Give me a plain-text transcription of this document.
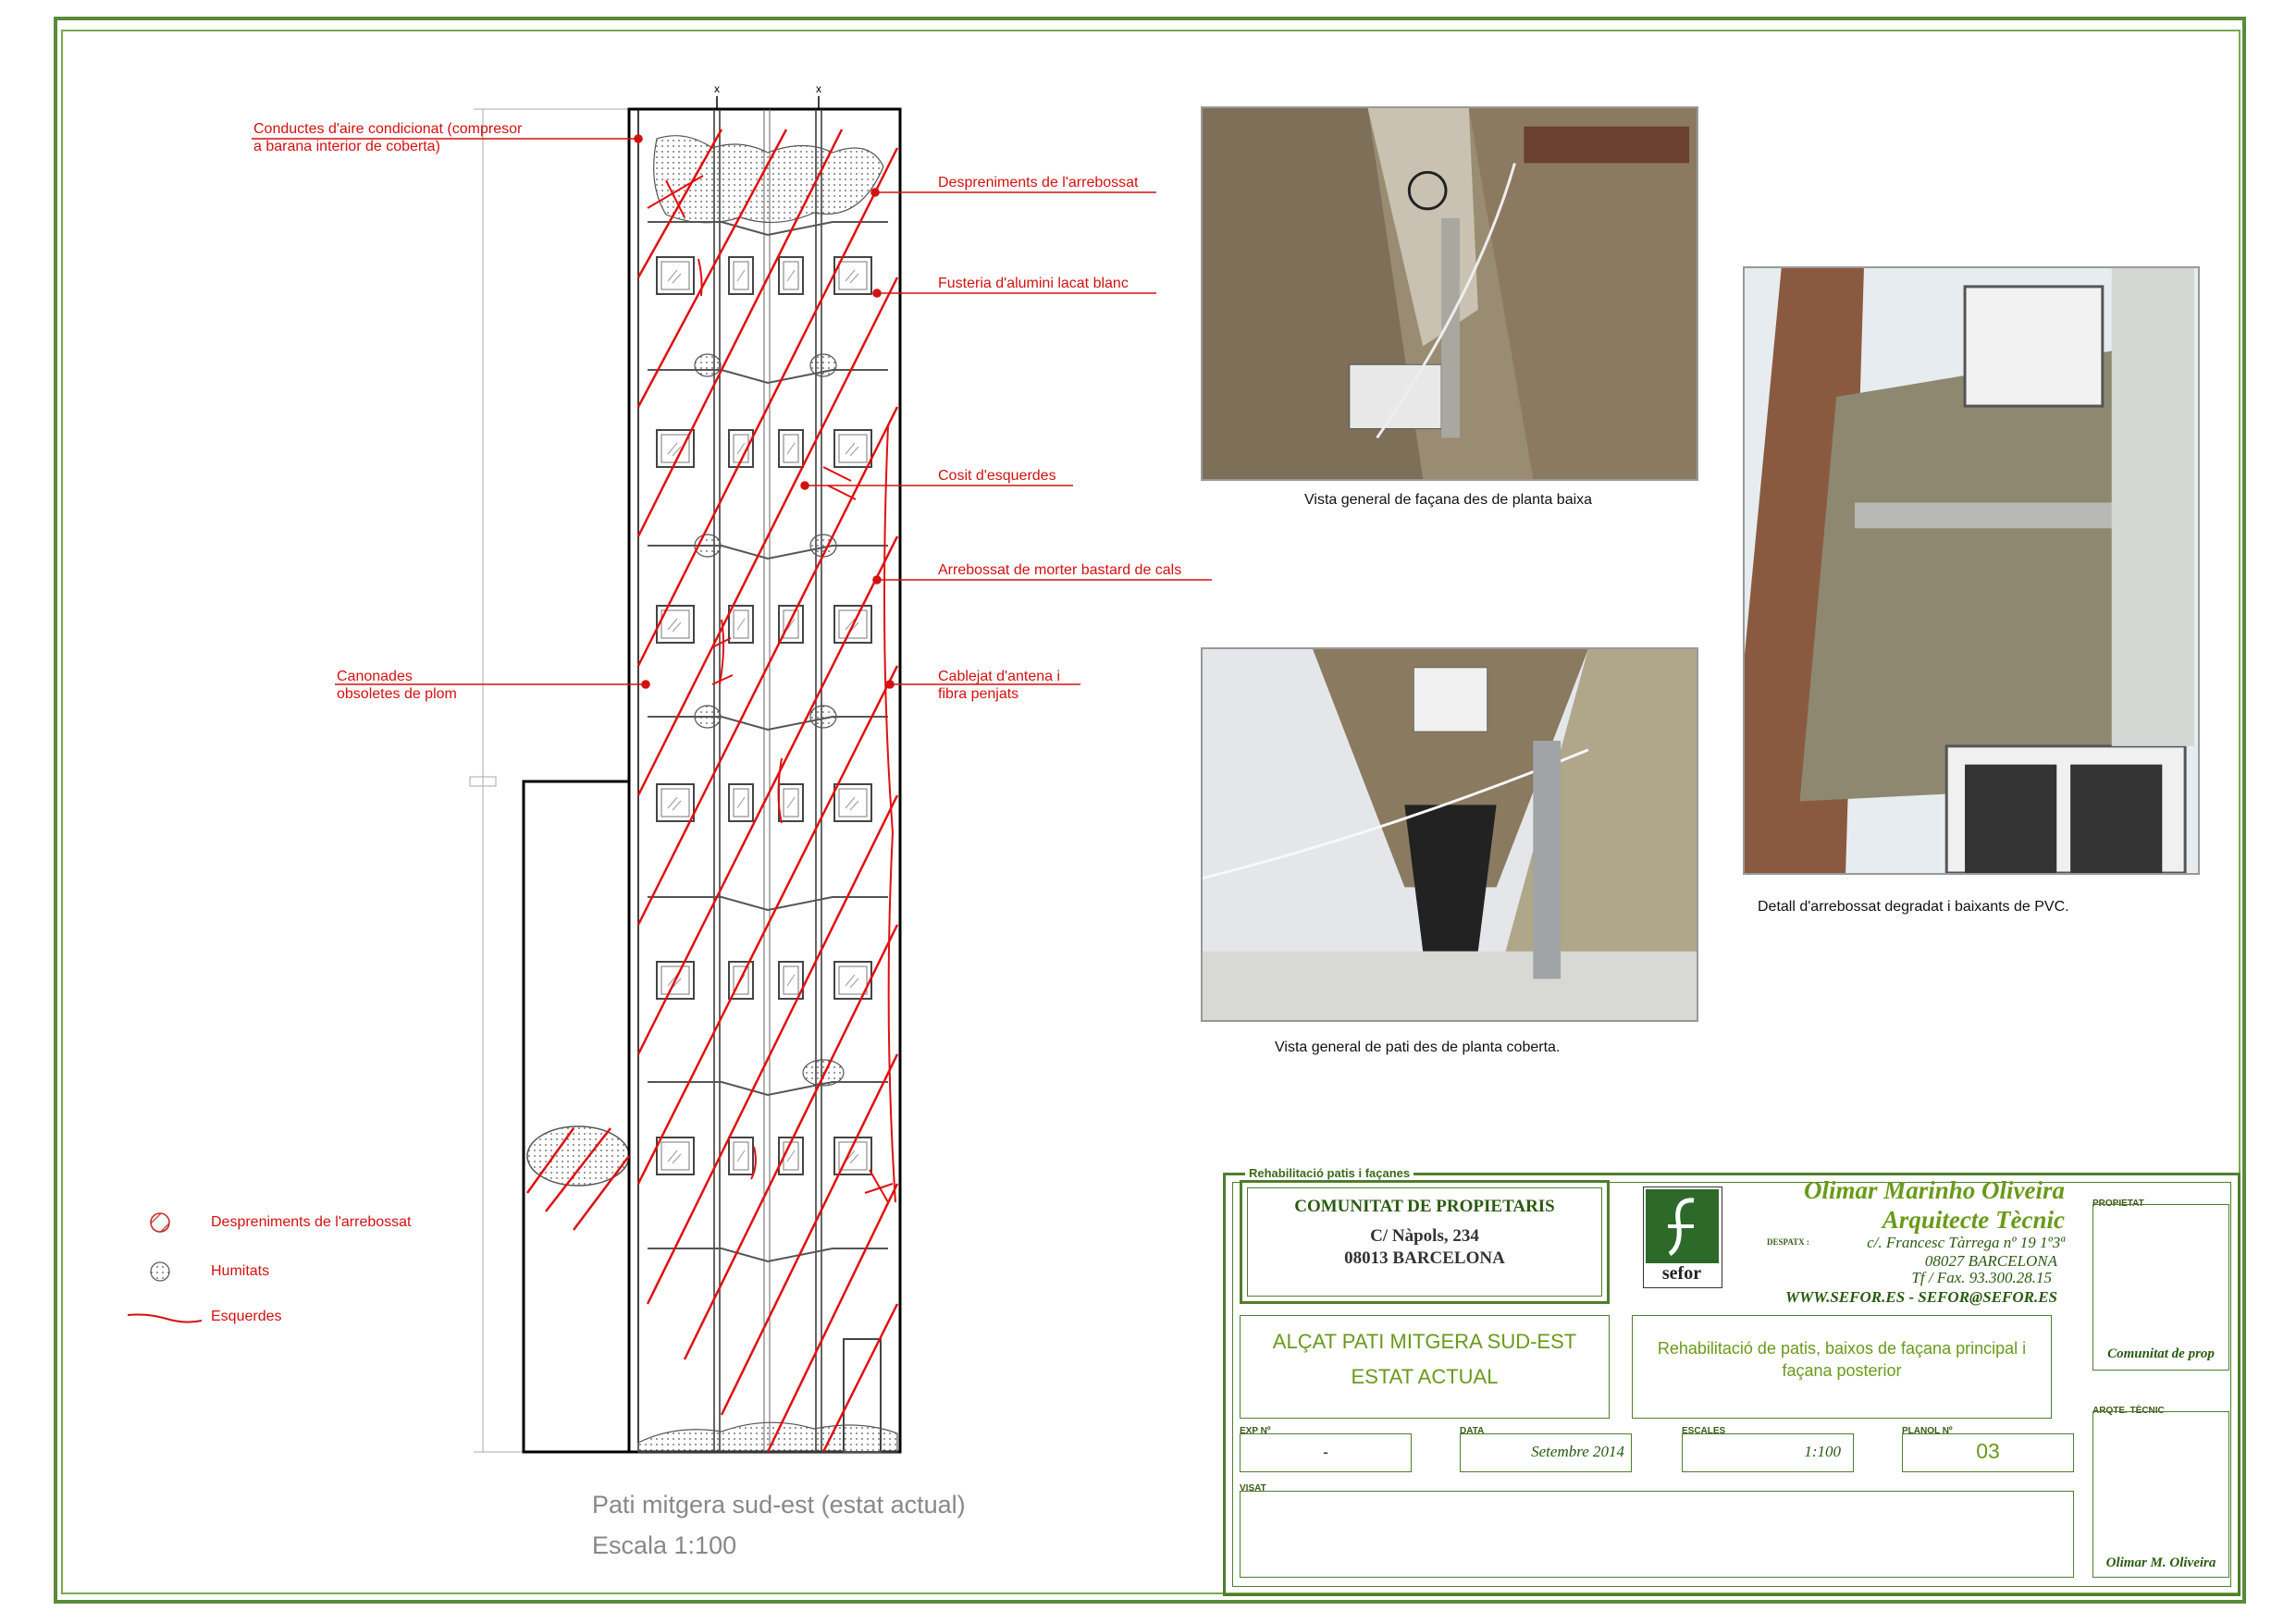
x	x
Conductes d'aire condicionat (compresor
a barana interior de coberta)
Despreniments de l'arrebossat
Fusteria d'alumini lacat blanc
Cosit d'esquerdes
Arrebossat de morter bastard de cals
Canonades
obsoletes de plom
Cablejat d'antena i
fibra penjats
Despreniments de l'arrebossat
Humitats
Esquerdes
Pati mitgera sud-est (estat actual)
Escala 1:100
Vista general de façana des de planta baixa
Vista general de pati des de planta coberta.
Detall d'arrebossat degradat i baixants de PVC.
Rehabilitació patis i façanes
COMUNITAT DE PROPIETARIS
C/ Nàpols, 234
08013 BARCELONA
sefor
Olimar Marinho Oliveira
Arquitecte Tècnic
DESPATX :	c/. Francesc Tàrrega nº 19 1º3ª
08027 BARCELONA
Tf / Fax. 93.300.28.15
WWW.SEFOR.ES - SEFOR@SEFOR.ES
ALÇAT PATI MITGERA SUD-EST
ESTAT ACTUAL
Rehabilitació de patis, baixos de façana principal i façana posterior
EXP Nº
-
DATA
Setembre 2014
ESCALES
1:100
PLANOL Nº
03
VISAT
PROPIETAT
Comunitat de prop
ARQTE. TÈCNIC
Olimar M. Oliveira
